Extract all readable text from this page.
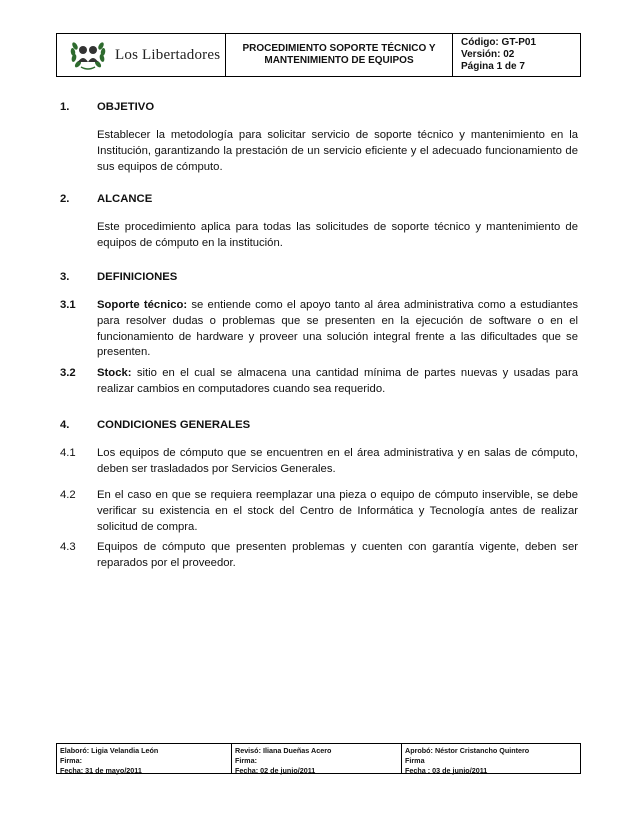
Los Libertadores PROCEDIMIENTO SOPORTE TÉCNICO Y
MANTENIMIENTO DE EQUIPOS
Código: GT-P01
Versión: 02
Página 1 de 7
1. OBJETIVO
Establecer la metodología para solicitar servicio de soporte técnico y mantenimiento en la Institución, garantizando la prestación de un servicio eficiente y el adecuado funcionamiento de sus equipos de cómputo.
2. ALCANCE
Este procedimiento aplica para todas las solicitudes de soporte técnico y mantenimiento de equipos de cómputo en la institución.
3. DEFINICIONES
3.1 Soporte técnico: se entiende como el apoyo tanto al área administrativa como a estudiantes para resolver dudas o problemas que se presenten en la ejecución de software o en el funcionamiento de hardware y proveer una solución integral frente a las dificultades que se presenten.
3.2 Stock: sitio en el cual se almacena una cantidad mínima de partes nuevas y usadas para realizar cambios en computadores cuando sea requerido.
4. CONDICIONES GENERALES
4.1 Los equipos de cómputo que se encuentren en el área administrativa y en salas de cómputo, deben ser trasladados por Servicios Generales.
4.2 En el caso en que se requiera reemplazar una pieza o equipo de cómputo inservible, se debe verificar su existencia en el stock del Centro de Informática y Tecnología antes de realizar solicitud de compra.
4.3 Equipos de cómputo que presenten problemas y cuenten con garantía vigente, deben ser reparados por el proveedor.
Elaboró: Ligia Velandia León
Firma:
Fecha: 31 de mayo/2011
Revisó: Iliana Dueñas Acero
Firma:
Fecha: 02 de junio/2011
Aprobó: Néstor Cristancho Quintero
Firma
Fecha : 03 de junio/2011
